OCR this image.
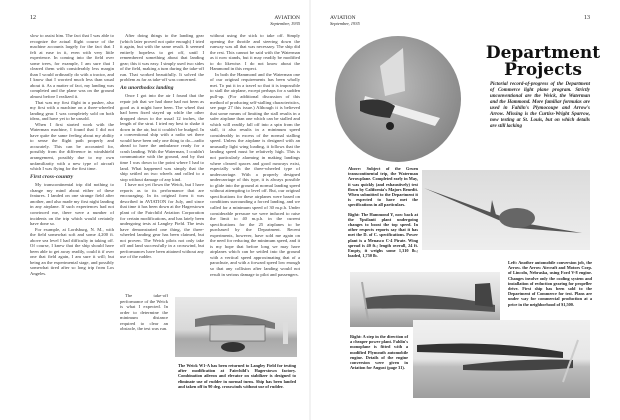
12	AVIATION
September, 1935

slow to assist him. The fact that I was able to recognize the actual flight course of the machine accounts largely for the fact that I felt at ease in it, even with very little experience. In coming into the field over some trees, for example, I am sure that I cleared them with considerably less margin than I would ordinarily do with a tractor, and I know that I worried much less than usual about it. As a matter of fact, my landing was completed and the plane was on the ground almost before I realized it.

That was my first flight in a pusher, also my first with a machine on a three-wheeled landing gear. I was completely sold on both ideas, and have yet to be unsold.

When I first started work with the Waterman machine, I found that I did not have quite the same feeling about my ability to sense the flight path properly and accurately. This can be accounted for, possibly from the difference in windshield arrangement, possibly due to my own unfamiliarity with a new type of aircraft which I was flying for the first time.

First cross-country

My transcontinental trip did nothing to change my mind about either of these features. I landed on one strange field after another, and also made my first night landing in any airplane. If such experiences had not convinced me, there were a number of incidents on the trip which would certainly have done so.

For example, at Lordsburg, N. M., with the field somewhat soft and some 4,200 ft. above sea level I had difficulty in taking off. Of course, I knew that the ship should have been able to get away readily, could it if over one that field again, I am sure it will; but being an the experimental stage, and possibly somewhat tired after so long trip from Los Angeles.

After doing things to the landing gear (which later proved not quite enough) I tried it again, but with the same result. It seemed entirely hopeless to get off, until I remembered something about that landing gear; this it was easy. I simply used two sides of the field, making a turn during the take-off run. That worked beautifully. It solved the problem as far as take-off was concerned.

An unorthodox landing

Once I got into the air I found that the repair job that we had done had not been as good as it might have been. The wheel that had been fixed stayed up while the other dropped down to the usual 12 inches, the length of the strut. I tried my best to shake it down in the air, but it couldn't be budged. In a conventional ship with a radio set there would have been only one thing to do—radio ahead to have the ambulance ready for a crash landing. With the Waterman, I couldn't communicate with the ground, and by that time I was down to the point where I had to land. What happened was simply that the ship settled on two wheels and rolled to a stop without damage of any kind.

I have not yet flown the Weick, but I have reports as to its performance that are encouraging. In its original form it was described in AVIATION for July, and since that time it has been down at the Hagerstown plant of the Fairchild Aviation Corporation for certain modifications, and has lately been undergoing tests at Langley Field. The tests have demonstrated one thing, the three-wheeled landing gear has been claimed, but not proven. The Weick pilots not only take off and land successfully in a crosswind, but performances have been attained without any use of the rudder.

The take-off performance of the Weick is what I expected. In order to determine the minimum distance required to clear an obstacle, the test was run.

without using the stick to take off. Simply opening the throttle and steering down the runway was all that was necessary. The ship did the rest. This cannot be said with the Waterman as it now stands, but it may readily be modified to do likewise. I do not know about the Hammond in this respect.

In both the Hammond and the Waterman one of our original requirements has been wholly met. To put it in a travel so that it is impossible to stall the airplane, except perhaps for a sudden pull-up. (For additional discussion of this method of producing self-stalling characteristics, see page 27 this issue.) Although it is believed that some means of limiting the stall results in a safer airplane than one which can be stalled and which will readily fall off into a spin from the stall, it also results in a minimum speed considerably in excess of the normal stalling speed. Unless the airplane is designed with an unusually light wing loading, it follows that the landing speed must be relatively high. This is not particularly alarming in making landings where cleared spaces and good runways exist, especially with the three-wheeled type of undercarriage. With a properly designed undercarriage of this type, it is always possible to glide into the ground at normal landing speed without attempting to level off. But, our original specifications for these airplanes were based on conditions surrounding a forced landing, and we called for a minimum speed of 30 m.p.h. Under considerable pressure we were induced to raise the limit to 40 m.p.h. in the current specifications for the 25 airplanes to be purchased by the Department. Recent experiments, however, have sold me again on the need for reducing the minimum speed, and it is my hope that before long we may have airplanes which can be settled into the ground with a vertical speed approximating that of a parachute, and with a forward speed low enough so that any collision after landing would not result in serious damage to pilot and passengers.

The Weick W1-A has been returned to Langley Field for testing after modification at Fairchild's Hagerstown factory. Combination aileron and elevator on stabilizer is designed to eliminate use of rudder in normal turns. Ship has been landed and taken off in 90 deg. crosswinds without use of rudder.
AVIATION
September, 1935
13
Department
Projects
Pictorial record-of-progress of the Department of Commerce light plane program. Strictly unconventional are the Weick, the Waterman and the Hammond. More familiar formulas are used in Fahlin's Plymocoupe and Arrow's Arrow. Missing is the Curtiss-Wright Sparrow, now testing at St. Louis, but on which details are still lacking
Above: Subject of the Gruen transcontinental trip, the Waterman Arrowplane. Completed early in May, it was quickly (and exhaustively) test flown by California's Majors Benedit. When submitted to the Department it is expected to have met the specifications in all particulars.
Right: The Hammond Y, now back at the Ypsilanti plant undergoing changes to boost the top speed. In other respects reports say that it has met the D. of C. specifications. Power plant is a Menasco C-4 Pirate. Wing spread is 40 ft.; length overall, 24 ft. Empty, it weighs some 1,310 lb.; loaded, 1,750 lb.
Left: Another automobile conversion job, the Arrow. the Arrow Aircraft and Motors Corp. of Lincoln, Nebraska, using Ford V-8 engine. Changes involve only the cooling system and installation of reduction gearing for propeller drive. First ship has been sold to the Department of Commerce for test. Plans are under way for commercial production at a price in the neighborhood of $1,500.
Right: A step in the direction of a cheaper power plant. Fahlin's monoplane is fitted with a modified Plymouth automobile engine. Details of the engine conversion were given in Aviation for August (page 31).
